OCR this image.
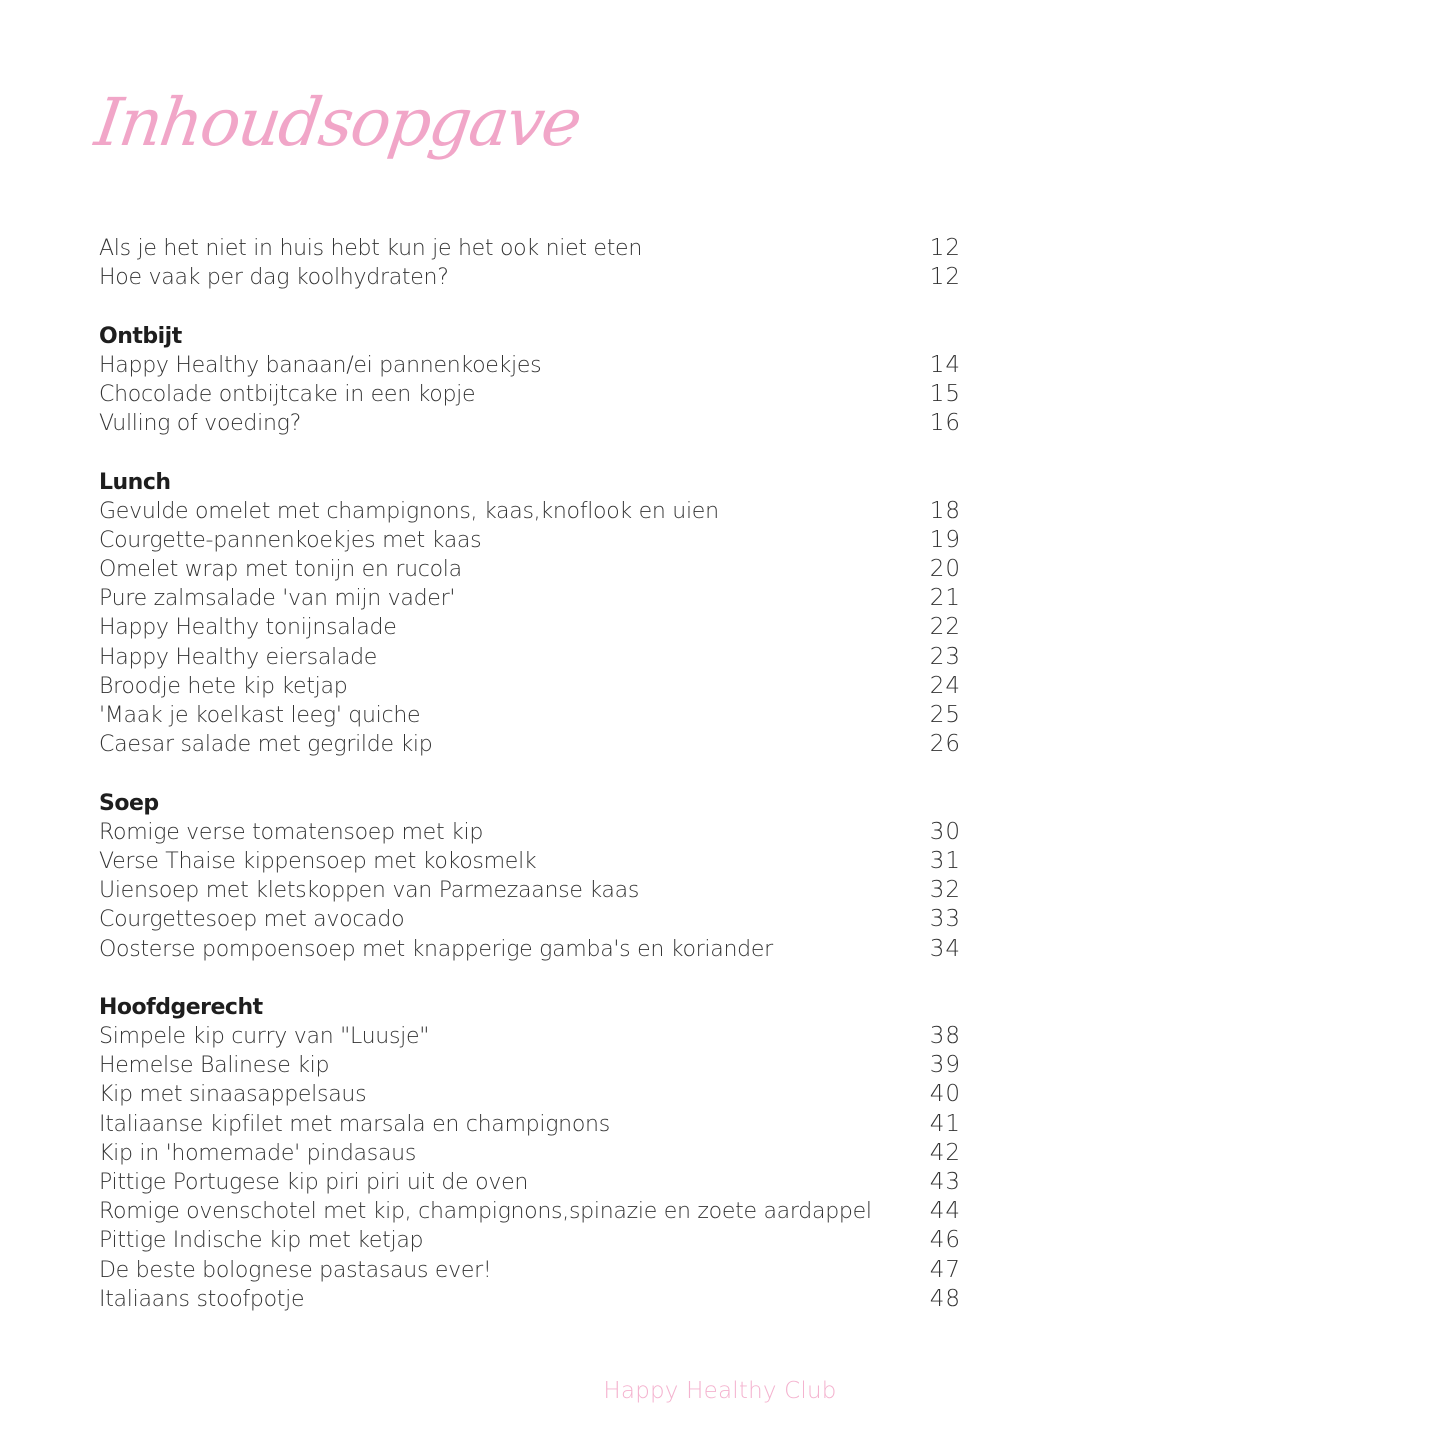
Inhoudsopgave
Als je het niet in huis hebt kun je het ook niet eten	12
Hoe vaak per dag koolhydraten?	12
Ontbijt
Happy Healthy banaan/ei pannenkoekjes	14
Chocolade ontbijtcake in een kopje	15
Vulling of voeding?	16
Lunch
Gevulde omelet met champignons, kaas,knoflook en uien	18
Courgette-pannenkoekjes met kaas	19
Omelet wrap met tonijn en rucola	20
Pure zalmsalade 'van mijn vader'	21
Happy Healthy tonijnsalade	22
Happy Healthy eiersalade	23
Broodje hete kip ketjap	24
'Maak je koelkast leeg' quiche	25
Caesar salade met gegrilde kip	26
Soep
Romige verse tomatensoep met kip	30
Verse Thaise kippensoep met kokosmelk	31
Uiensoep met kletskoppen van Parmezaanse kaas	32
Courgettesoep met avocado	33
Oosterse pompoensoep met knapperige gamba's en koriander	34
Hoofdgerecht
Simpele kip curry van "Luusje"	38
Hemelse Balinese kip	39
Kip met sinaasappelsaus	40
Italiaanse kipfilet met marsala en champignons	41
Kip in 'homemade' pindasaus	42
Pittige Portugese kip piri piri uit de oven	43
Romige ovenschotel met kip, champignons,spinazie en zoete aardappel	44
Pittige Indische kip met ketjap	46
De beste bolognese pastasaus ever!	47
Italiaans stoofpotje	48
Happy Healthy Club
